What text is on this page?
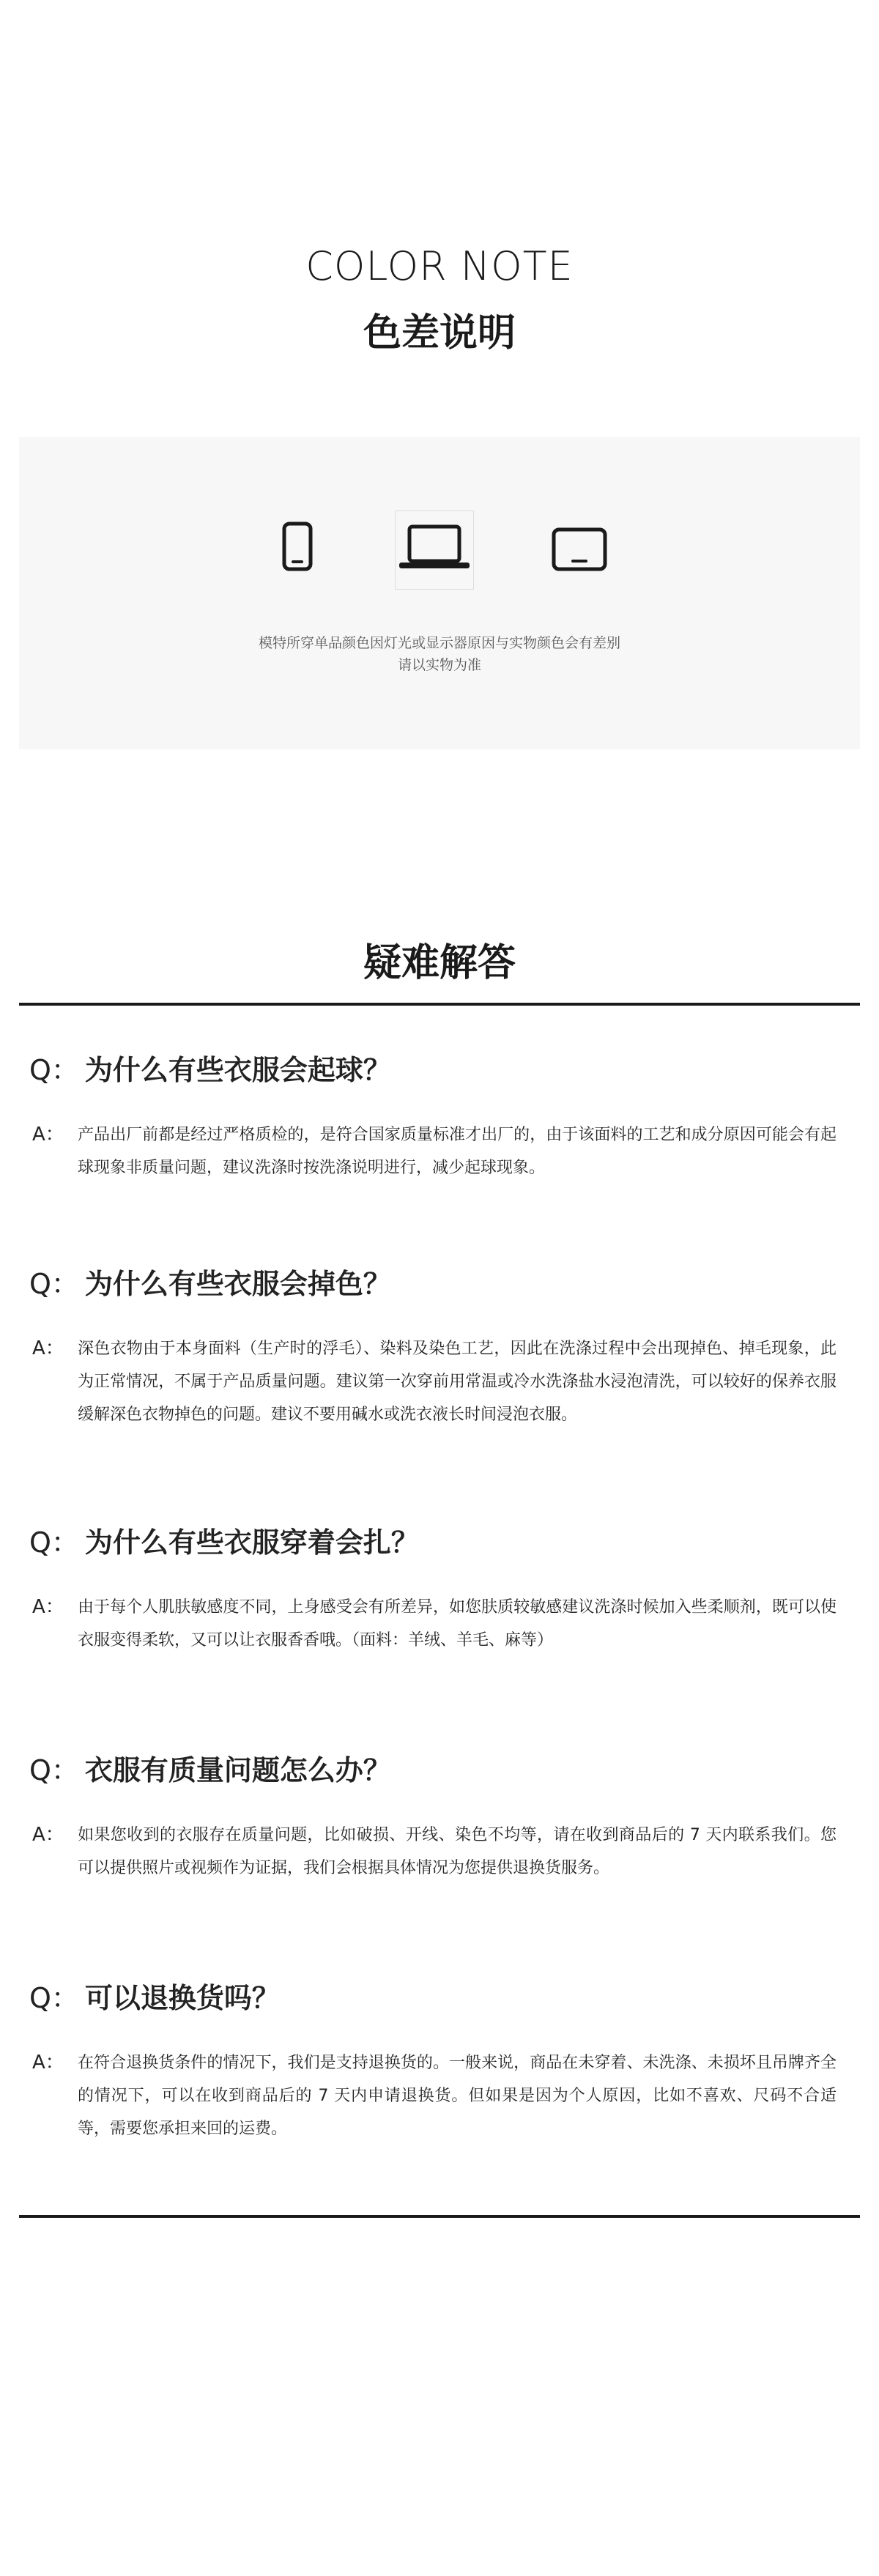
COLOR NOTE
色差说明
模特所穿单品颜色因灯光或显示器原因与实物颜色会有差别
请以实物为准
疑难解答
Q： 为什么有些衣服会起球？
A： 产品出厂前都是经过严格质检的，是符合国家质量标准才出厂的，由于该面料的工艺和成分原因可能会有起球现象非质量问题，建议洗涤时按洗涤说明进行，减少起球现象。
Q： 为什么有些衣服会掉色？
A： 深色衣物由于本身面料（生产时的浮毛）、染料及染色工艺，因此在洗涤过程中会出现掉色、掉毛现象，此为正常情况，不属于产品质量问题。建议第一次穿前用常温或冷水洗涤盐水浸泡清洗，可以较好的保养衣服缓解深色衣物掉色的问题。建议不要用碱水或洗衣液长时间浸泡衣服。
Q： 为什么有些衣服穿着会扎？
A： 由于每个人肌肤敏感度不同，上身感受会有所差异，如您肤质较敏感建议洗涤时候加入些柔顺剂，既可以使衣服变得柔软，又可以让衣服香香哦。（面料：羊绒、羊毛、麻等）
Q： 衣服有质量问题怎么办？
A： 如果您收到的衣服存在质量问题，比如破损、开线、染色不均等，请在收到商品后的 7 天内联系我们。您可以提供照片或视频作为证据，我们会根据具体情况为您提供退换货服务。
Q： 可以退换货吗？
A： 在符合退换货条件的情况下，我们是支持退换货的。一般来说，商品在未穿着、未洗涤、未损坏且吊牌齐全的情况下，可以在收到商品后的 7 天内申请退换货。但如果是因为个人原因，比如不喜欢、尺码不合适等，需要您承担来回的运费。
